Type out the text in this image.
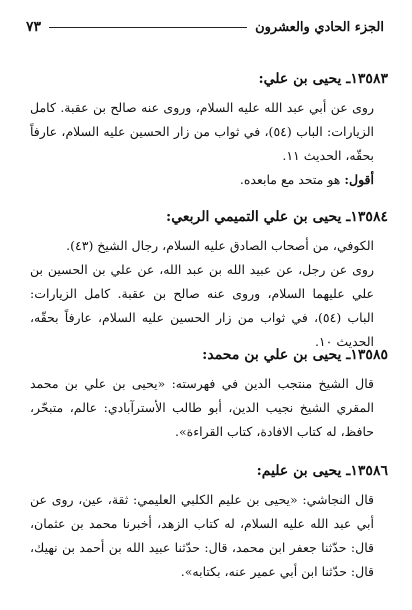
الجزء الحادي والعشرون
٧٣
١٣٥٨٣ـ يحيى بن علي:

روى عن أبي عبد الله عليه السلام، وروى عنه صالح بن عقبة. كامل الزيارات: الباب (٥٤)، في ثواب من زار الحسين عليه السلام، عارفاً بحقّه، الحديث ١١.

أقول: هو متحد مع مابعده.
١٣٥٨٤ـ يحيى بن علي التميمي الربعي:

الكوفي، من أصحاب الصادق عليه السلام، رجال الشيخ (٤٣).

روى عن رجل، عن عبيد الله بن عبد الله، عن علي بن الحسين بن علي عليهما السلام، وروى عنه صالح بن عقبة. كامل الزيارات: الباب (٥٤)، في ثواب من زار الحسين عليه السلام، عارفاً بحقّه، الحديث ١٠.

١٣٥٨٥ـ يحيى بن علي بن محمد:

قال الشيخ منتجب الدين في فهرسته: «يحيى بن علي بن محمد المقري الشيخ نجيب الدين، أبو طالب الأسترآبادي: عالم، متبحّر، حافظ، له كتاب الافادة، كتاب القراءة».

١٣٥٨٦ـ يحيى بن عليم:

قال النجاشي: «يحيى بن عليم الكلبي العليمي: ثقة، عين، روى عن أبي عبد الله عليه السلام، له كتاب الزهد، أخبرنا محمد بن عثمان، قال: حدّثنا جعفر ابن محمد، قال: حدّثنا عبيد الله بن أحمد بن نهيك، قال: حدّثنا ابن أبي عمير عنه، بكتابه».
